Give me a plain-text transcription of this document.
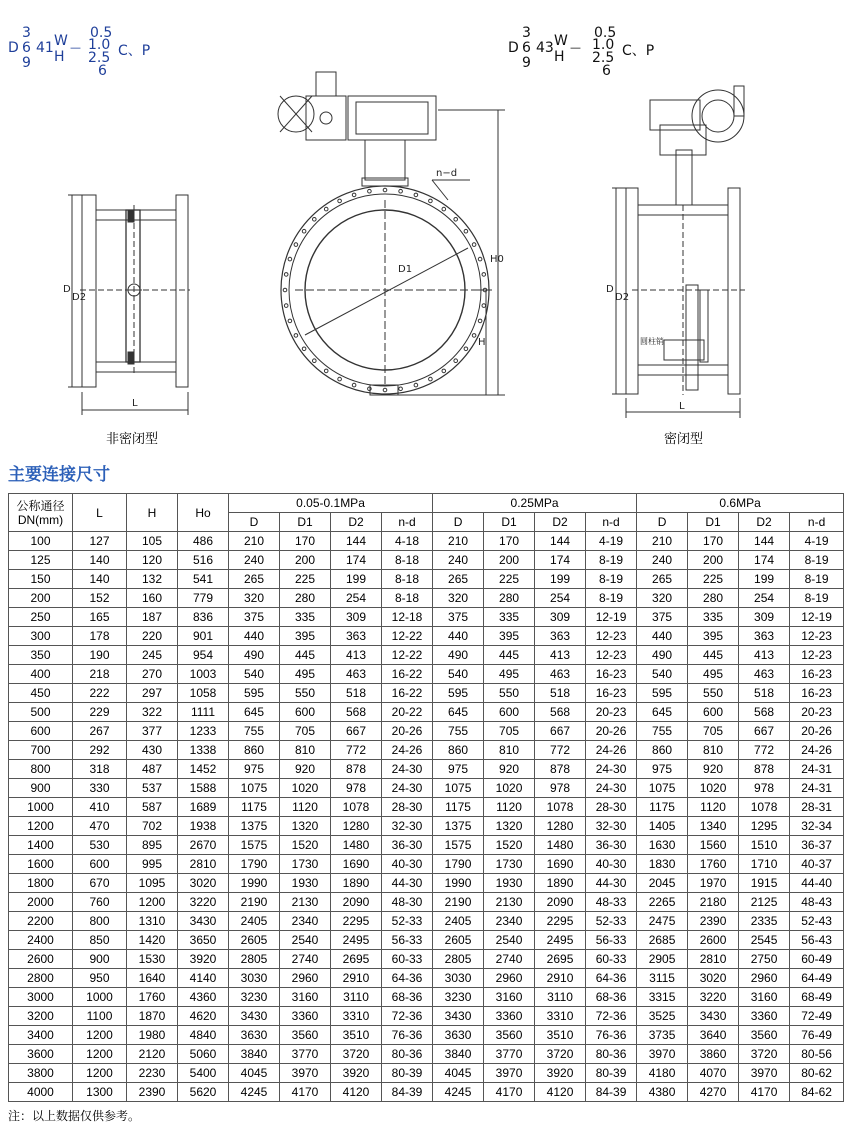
3
D 6
9
41 W
H
—
0.5
1.0
2.5
6
C、P
3
D 6
9
43 W
H
—
0.5
1.0
2.5
6
C、P
D
D2
L
n−d
D1
H0
H
D
D2
L
圆柱销
非密闭型	密闭型
主要连接尺寸
公称通径
DN(mm)	L	H	Ho	0.05-0.1MPa				0.25MPa				0.6MPa			
				D	D1	D2	n-d	D	D1	D2	n-d	D	D1	D2	n-d
100	127	105	486	210	170	144	4-18	210	170	144	4-19	210	170	144	4-19
125	140	120	516	240	200	174	8-18	240	200	174	8-19	240	200	174	8-19
150	140	132	541	265	225	199	8-18	265	225	199	8-19	265	225	199	8-19
200	152	160	779	320	280	254	8-18	320	280	254	8-19	320	280	254	8-19
250	165	187	836	375	335	309	12-18	375	335	309	12-19	375	335	309	12-19
300	178	220	901	440	395	363	12-22	440	395	363	12-23	440	395	363	12-23
350	190	245	954	490	445	413	12-22	490	445	413	12-23	490	445	413	12-23
400	218	270	1003	540	495	463	16-22	540	495	463	16-23	540	495	463	16-23
450	222	297	1058	595	550	518	16-22	595	550	518	16-23	595	550	518	16-23
500	229	322	1111	645	600	568	20-22	645	600	568	20-23	645	600	568	20-23
600	267	377	1233	755	705	667	20-26	755	705	667	20-26	755	705	667	20-26
700	292	430	1338	860	810	772	24-26	860	810	772	24-26	860	810	772	24-26
800	318	487	1452	975	920	878	24-30	975	920	878	24-30	975	920	878	24-31
900	330	537	1588	1075	1020	978	24-30	1075	1020	978	24-30	1075	1020	978	24-31
1000	410	587	1689	1175	1120	1078	28-30	1175	1120	1078	28-30	1175	1120	1078	28-31
1200	470	702	1938	1375	1320	1280	32-30	1375	1320	1280	32-30	1405	1340	1295	32-34
1400	530	895	2670	1575	1520	1480	36-30	1575	1520	1480	36-30	1630	1560	1510	36-37
1600	600	995	2810	1790	1730	1690	40-30	1790	1730	1690	40-30	1830	1760	1710	40-37
1800	670	1095	3020	1990	1930	1890	44-30	1990	1930	1890	44-30	2045	1970	1915	44-40
2000	760	1200	3220	2190	2130	2090	48-30	2190	2130	2090	48-33	2265	2180	2125	48-43
2200	800	1310	3430	2405	2340	2295	52-33	2405	2340	2295	52-33	2475	2390	2335	52-43
2400	850	1420	3650	2605	2540	2495	56-33	2605	2540	2495	56-33	2685	2600	2545	56-43
2600	900	1530	3920	2805	2740	2695	60-33	2805	2740	2695	60-33	2905	2810	2750	60-49
2800	950	1640	4140	3030	2960	2910	64-36	3030	2960	2910	64-36	3115	3020	2960	64-49
3000	1000	1760	4360	3230	3160	3110	68-36	3230	3160	3110	68-36	3315	3220	3160	68-49
3200	1100	1870	4620	3430	3360	3310	72-36	3430	3360	3310	72-36	3525	3430	3360	72-49
3400	1200	1980	4840	3630	3560	3510	76-36	3630	3560	3510	76-36	3735	3640	3560	76-49
3600	1200	2120	5060	3840	3770	3720	80-36	3840	3770	3720	80-36	3970	3860	3720	80-56
3800	1200	2230	5400	4045	3970	3920	80-39	4045	3970	3920	80-39	4180	4070	3970	80-62
4000	1300	2390	5620	4245	4170	4120	84-39	4245	4170	4120	84-39	4380	4270	4170	84-62
注：以上数据仅供参考。
